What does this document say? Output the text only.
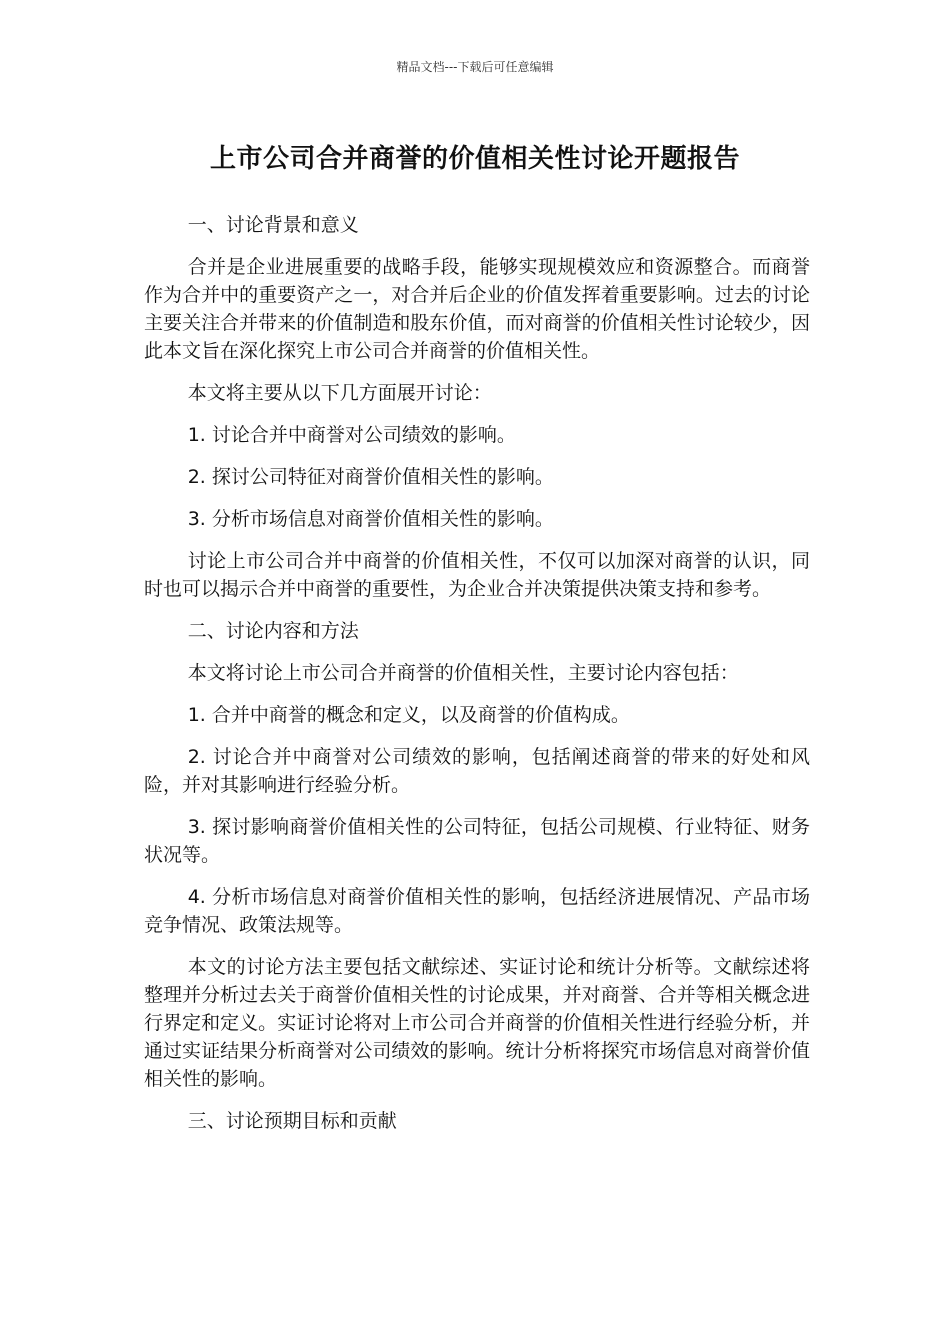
精品文档---下载后可任意编辑
上市公司合并商誉的价值相关性讨论开题报告

一、讨论背景和意义

合并是企业进展重要的战略手段，能够实现规模效应和资源整合。而商誉作为合并中的重要资产之一，对合并后企业的价值发挥着重要影响。过去的讨论主要关注合并带来的价值制造和股东价值，而对商誉的价值相关性讨论较少，因此本文旨在深化探究上市公司合并商誉的价值相关性。

本文将主要从以下几方面展开讨论：

1. 讨论合并中商誉对公司绩效的影响。

2. 探讨公司特征对商誉价值相关性的影响。

3. 分析市场信息对商誉价值相关性的影响。

讨论上市公司合并中商誉的价值相关性，不仅可以加深对商誉的认识，同时也可以揭示合并中商誉的重要性，为企业合并决策提供决策支持和参考。

二、讨论内容和方法

本文将讨论上市公司合并商誉的价值相关性，主要讨论内容包括：

1. 合并中商誉的概念和定义，以及商誉的价值构成。

2. 讨论合并中商誉对公司绩效的影响，包括阐述商誉的带来的好处和风险，并对其影响进行经验分析。

3. 探讨影响商誉价值相关性的公司特征，包括公司规模、行业特征、财务状况等。

4. 分析市场信息对商誉价值相关性的影响，包括经济进展情况、产品市场竞争情况、政策法规等。

本文的讨论方法主要包括文献综述、实证讨论和统计分析等。文献综述将整理并分析过去关于商誉价值相关性的讨论成果，并对商誉、合并等相关概念进行界定和定义。实证讨论将对上市公司合并商誉的价值相关性进行经验分析，并通过实证结果分析商誉对公司绩效的影响。统计分析将探究市场信息对商誉价值相关性的影响。

三、讨论预期目标和贡献
